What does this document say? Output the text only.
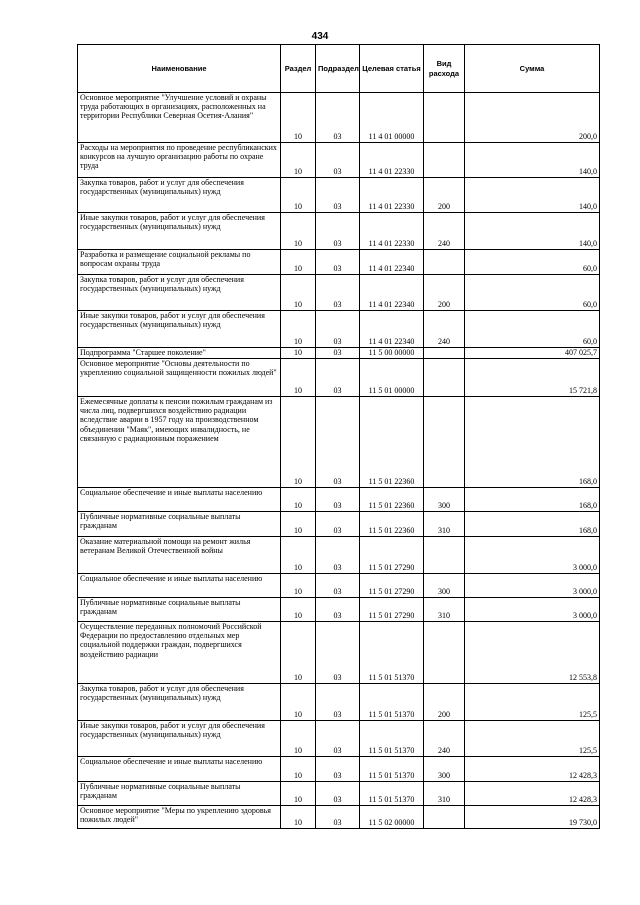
434
Наименование	Раздел	Подраздел	Целевая статья	Вид расхода	Сумма
Основное мероприятие "Улучшение условий и охраны труда работающих в организациях, расположенных на территории Республики Северная Осетия-Алания"	10	03	11 4 01 00000		200,0
Расходы на мероприятия по проведение республиканских конкурсов на лучшую организацию работы по охране труда	10	03	11 4 01 22330		140,0
Закупка товаров, работ и услуг для обеспечения государственных (муниципальных) нужд	10	03	11 4 01 22330	200	140,0
Иные закупки товаров, работ и услуг для обеспечения государственных (муниципальных) нужд	10	03	11 4 01 22330	240	140,0
Разработка и размещение социальной рекламы по вопросам охраны труда	10	03	11 4 01 22340		60,0
Закупка товаров, работ и услуг для обеспечения государственных (муниципальных) нужд	10	03	11 4 01 22340	200	60,0
Иные закупки товаров, работ и услуг для обеспечения государственных (муниципальных) нужд	10	03	11 4 01 22340	240	60,0
Подпрограмма "Старшее поколение"	10	03	11 5 00 00000		407 025,7
Основное мероприятие "Основы деятельности по укреплению социальной защищенности пожилых людей"	10	03	11 5 01 00000		15 721,8
Ежемесячные доплаты к пенсии пожилым гражданам из числа лиц, подвергшихся воздействию радиации вследствие аварии в 1957 году на производственном объединении "Маяк", имеющих инвалидность, не связанную с радиационным поражением	10	03	11 5 01 22360		168,0
Социальное обеспечение и иные выплаты населению	10	03	11 5 01 22360	300	168,0
Публичные нормативные социальные выплаты гражданам	10	03	11 5 01 22360	310	168,0
Оказание материальной помощи на ремонт жилья ветеранам Великой Отечественной войны	10	03	11 5 01 27290		3 000,0
Социальное обеспечение и иные выплаты населению	10	03	11 5 01 27290	300	3 000,0
Публичные нормативные социальные выплаты гражданам	10	03	11 5 01 27290	310	3 000,0
Осуществление переданных полномочий Российской Федерации по предоставлению отдельных мер социальной поддержки граждан, подвергшихся воздействию радиации	10	03	11 5 01 51370		12 553,8
Закупка товаров, работ и услуг для обеспечения государственных (муниципальных) нужд	10	03	11 5 01 51370	200	125,5
Иные закупки товаров, работ и услуг для обеспечения государственных (муниципальных) нужд	10	03	11 5 01 51370	240	125,5
Социальное обеспечение и иные выплаты населению	10	03	11 5 01 51370	300	12 428,3
Публичные нормативные социальные выплаты гражданам	10	03	11 5 01 51370	310	12 428,3
Основное мероприятие "Меры по укреплению здоровья пожилых людей"	10	03	11 5 02 00000		19 730,0
